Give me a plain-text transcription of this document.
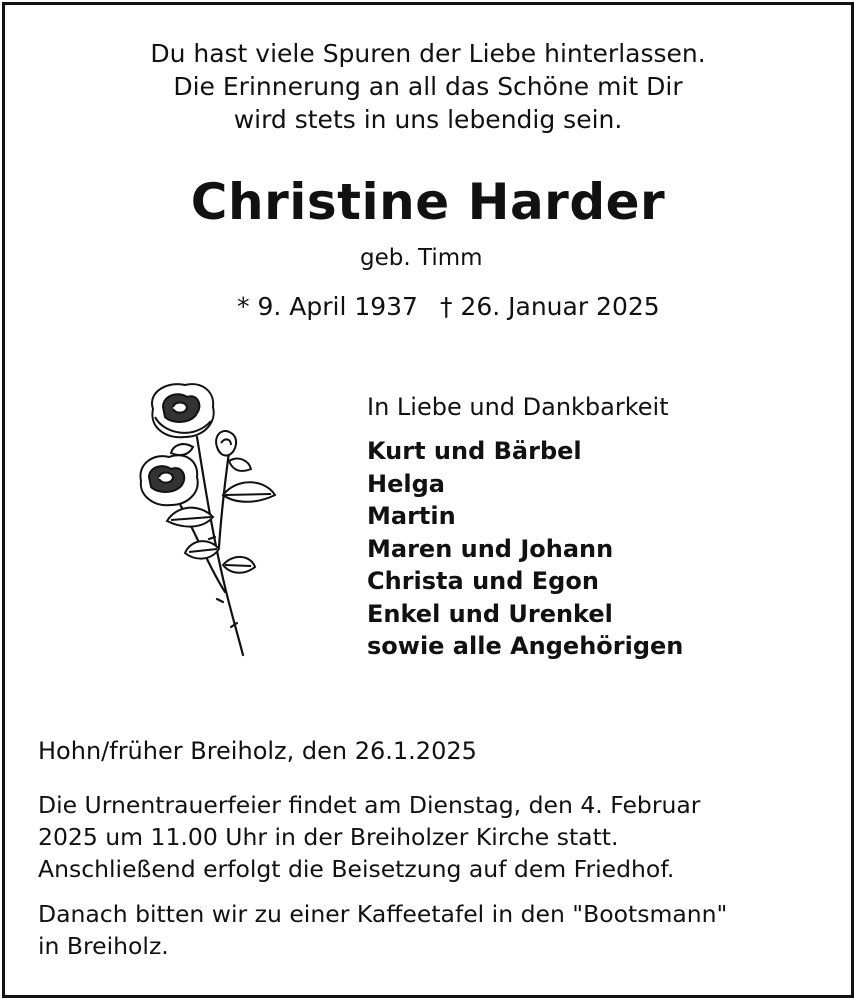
Du hast viele Spuren der Liebe hinterlassen.
Die Erinnerung an all das Schöne mit Dir
wird stets in uns lebendig sein.
Christine Harder
geb. Timm
* 9. April 1937 † 26. Januar 2025
In Liebe und Dankbarkeit
Kurt und Bärbel
Helga
Martin
Maren und Johann
Christa und Egon
Enkel und Urenkel
sowie alle Angehörigen
Hohn/früher Breiholz, den 26.1.2025
Die Urnentrauerfeier findet am Dienstag, den 4. Februar
2025 um 11.00 Uhr in der Breiholzer Kirche statt.
Anschließend erfolgt die Beisetzung auf dem Friedhof.
Danach bitten wir zu einer Kaffeetafel in den "Bootsmann"
in Breiholz.
